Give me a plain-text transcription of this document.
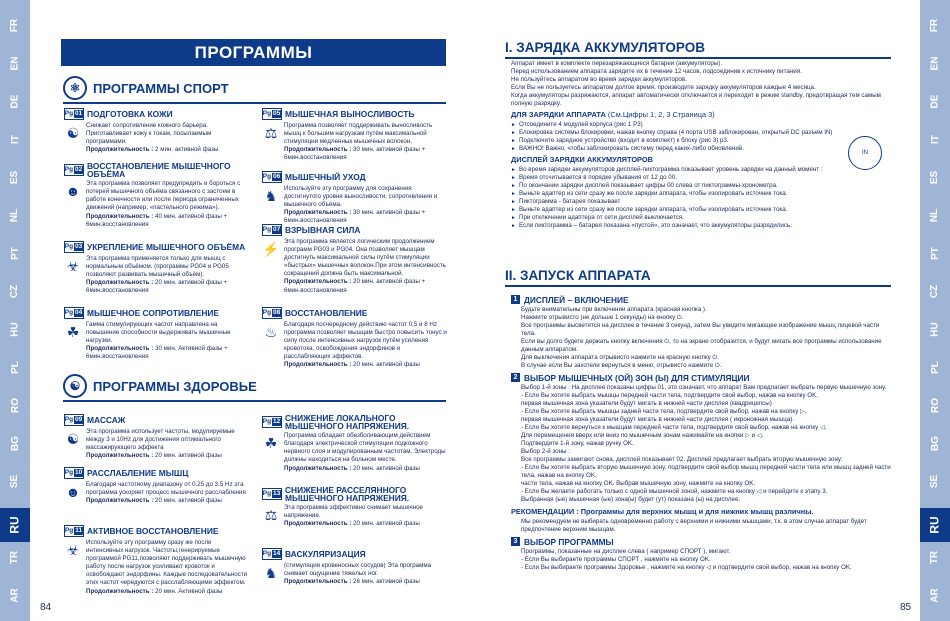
FR
EN
DE
IT
ES
NL
PT
CZ
HU
PL
RO
BG
SE
RU
TR
AR
FR
EN
DE
IT
ES
NL
PT
CZ
HU
PL
RO
BG
SE
RU
TR
AR
84	85
ПРОГРАММЫ
⚛ ПРОГРАММЫ СПОРТ
Pg 01 ПОДГОТОВКА КОЖИ
☯	Снижает сопротивление кожного барьера. Приготавливает кожу к токам, посылаемым программами.
Продолжительность : 2 мин. активной фазы
Pg 02 ВОССТАНОВЛЕНИЕ МЫШЕЧНОГО ОБЪЁМА
☻ Эта программа позволяет предупредить и бороться с потерей мышечного объёма связанного с застоем в работе конечности или после периода ограниченных движений (например, «пастельного режима»).
Продолжительность : 40 мин. активной фазы + 6мин.восстановления
Pg 03 УКРЕПЛЕНИЕ МЫШЕЧНОГО ОБЪЁМА
☣	Эта программа применяется только для мышц с нормальным объёмом. (программы PG04 и PG05 позволяют развивать мышечный объём).
Продолжительность : 20 мин. активной фазы + 6мин.восстановления
Pg 04 МЫШЕЧНОЕ СОПРОТИВЛЕНИЕ
☘	Гамма стимулирующих частот направлена на повышение способности выдерживать мышечные нагрузки.
Продолжительность : 30 мин. Активной фазы + 6мин.восстановления
Pg 05 МЫШЕЧНАЯ ВЫНОСЛИВОСТЬ
⚖	Программа позволяет поддерживать выносливость мышц к большим нагрузкам путём максимальной стимуляции медленных мышечных волокон.
Продолжительность : 30 мин. активной фазы + 6мин.восстановления
Pg 06 МЫШЕЧНЫЙ УХОД
♞	Используйте эту программу для сохранения достигнутого уровня выносливости, сопротивления и мышечного объёма.
Продолжительность : 30 мин. активной фазы + 6мин.восстановления
Pg 07 ВЗРЫВНАЯ СИЛА
⚡ Эта программа является логическим продолжением программ PG03 и PG04. Она позволяет мышцам достигнуть максимальной силы путём стимуляции «быстрых» мышечных волокон.При этом интенсивность сокращений должна быть максимальной.
Продолжительность : 20 мин. активной фазы + 6мин.восстановления
Pg 08 ВОССТАНОВЛЕНИЕ
♨	Благодаря посчередному действию частот 0,5 и 8 Hz программа позволяет мышцам быстро повысить тонус и силу после интенсивных нагрузок путём усиления кровотока, освобождения эндорфинов и расслабляющих эффектов.
Продолжительность : 20 мин. активной фазы
☯ ПРОГРАММЫ ЗДОРОВЬЕ
Pg 09 МАССАЖ
☯	Эта программа использует частоты, модулируемые между 3 и 10Hz для достижения оптимального массажирующего эффекта
Продолжительность : 20 мин. активной фазы
Pg 10 РАССЛАБЛЕНИЕ МЫШЦ
☻ Благодаря частотному диапазону от 0.25 до 3.5 Hz эта программа ускоряет процесс мышечного расслабления
Продолжительность : 20 мин. активной фазы
Pg 11 АКТИВНОЕ ВОССТАНОВЛЕНИЕ
☣	Используйте эту программу сразу же после интенсивных нагрузок. Частоты,генерируемые программой PG11,позволяют поддерживать мышечную работу после нагрузок усиливают кровоток и освобождают эндорфины. Каждые последовательности этих частот чередуются с расслабляющими эффектом.
Продолжительность : 20 мин. Активной фазы
Pg 12 СНИЖЕНИЕ ЛОКАЛЬНОГО МЫШЕЧНОГО НАПРЯЖЕНИЯ.
☘	Программа обладает обезболивающим действием благодаря электрической стимуляции подкожного нервного слоя и модулированным частотам. Электроды должны находиться на больном месте.
Продолжительность : 20 мин. активной фазы
Pg 13 СНИЖЕНИЕ РАССЕЛЯННОГО МЫШЕЧНОГО НАПРЯЖЕНИЯ.
⚖	Эта программа эффективно снимает мышечное напряжение.
Продолжительность : 20 мин. активной фазы
Pg 14 ВАСКУЛЯРИЗАЦИЯ
♞	(стимуляция кровеносных сосудов) Эта программа снимает ощущение тяжелых ног.
Продолжительность : 26 мин. активной фазы
I. ЗАРЯДКА АККУМУЛЯТОРОВ
Аппарат имеет в комплекте перезаряжающиеся батареи (аккумуляторы).
Перед использованием аппарата зарядите их в течение 12 часов, подсоединив к источнику питания.
Не пользуйтесь аппаратом во время зарядки аккумуляторов.
Если Вы не пользуетесь аппаратом долгое время, производите зарядку аккумуляторов каждые 4 месяца.
Когда аккумуляторы разряжаются, аппарат автоматически отключается и переходит в режим standby, предотвращая тем самым полную разрядку.
ДЛЯ ЗАРЯДКИ АППАРАТА (См.Цифры 1, 2, 3 Страница 3)
► Отсоедините 4 модулей корпуса (рис 1 P3)
► Блокировка системы блокировки, нажав кнопку справа (4 порта USB заблокирован, открытый DC разъем IN)
► Подключите зарядное устройство (входит в комплект) к блоку (рис 3) p3.
► ВАЖНО! Важно, чтобы заблокировать систему перед каких-либо обновлений.
ДИСПЛЕЙ ЗАРЯДКИ АККУМУЛЯТОРОВ
► Во время зарядки аккумуляторов дисплей-пиктограмма показывает уровень зарядки на данный момент :
► Время отсчитывается в порядке убывания от 12 до 00.
► По окончании зарядки дисплей показывает цифры 00 слева от пиктограммы-хронометра.
► Выньте адаптер из сети сразу же после зарядки аппарата, чтобы изолировать источник тока.
► Пиктограмма - батарея показывает
► Выньте адаптер из сети сразу же после зарядки аппарата, чтобы изолировать источник тока.
► При отключении адаптера от сети дисплей выключается.
► Если пиктограмма – батарея показана «пустой», это означает, что аккумуляторы разрядились.
IN
II. ЗАПУСК АППАРАТА
1 ДИСПЛЕЙ – ВКЛЮЧЕНИЕ
Будьте внимательны при включении аппарата (красная кнопка ).
Нажмите отрывисто (не дольше 1 секунды) на кнопку ⏻.
Все программы высветятся на дисплее в течение 3 секунд, затем Вы увидите мигающее изображение мышц лицевой части тела.
Если вы долго будете держать кнопку включения ⏻, то на экране отобразится, и будут мигать все программы использование данным аппаратом.
Для выключения аппарата отрывисто нажмите на красную кнопку ⏻.
В случае если Вы захотели вернуться в меню, отрывисто нажмите ⏻.
2 ВЫБОР МЫШЕЧНЫХ (ОЙ) ЗОН (Ы) ДЛЯ СТИМУЛЯЦИИ
Выбор 1-й зоны : На дисплее показаны цифры 01, это означает, что аппарат Вам предлагает выбрать первую мышечную зону.
- Если Вы хотите выбрать мышцы передней части тела, подтвердите свой выбор, нажав на кнопку OK,
первая мышечная зона указатели будут мигать в нижней части дисплея (квадрицепсы)
- Если Вы хотите выбрать мышцы задней части тела, подтвердите свой выбор, нажав на кнопку ▷,
первая мышечная зона указатели будут мигать в нижней части дисплея ( икроножная мышца).
- Если Вы хотите вернуться к мышцам передней части тела, подтвердите свой выбор, нажав на кнопку ◁.
Для перемещения вверх или вниз по мышечным зонам нажимайте на кнопки ▷ и ◁.
Подтвердите 1-й зону, нажав ручку OK.
Выбор 2-й зоны :
Все программы замигают снова, дисплей показывает 02. Дисплей предлагает выбрать вторую мышечную зону:
- Если Вы хотите выбрать вторую мышечную зону, подтвердите свой выбор мышц передней части тела или мышц задней части тела, нажав на кнопку OK.
части тела, нажав на кнопку OK. Выбрав мышечную зону, нажмите на кнопку OK.
- Если Вы желаете работать только с одной мышечной зоной, нажмите на кнопку ◁ и перейдите к этапу 3.
Выбранная (ые) мышечная (ые) зона(ы) будет (ут) показана (ы) на дисплее.
РЕКОМЕНДАЦИИ : Программы для верхних мышц и для нижних мышц различны.
Мы рекомендуем не выбирать одновременно работу с верхними и нижними мышцами, т.к. в этом случае аппарат будет предпочтение верхним мышцам.
3 ВЫБОР ПРОГРАММЫ
Программы, показанные на дисплее слева ( например СПОРТ ), мигают.
- Если Вы выбираете программы СПОРТ , нажмите на кнопку OK.
- Если Вы выбираете программы Здоровье , нажмите на кнопку ◁ и подтвердите свой выбор, нажав на кнопку OK.
